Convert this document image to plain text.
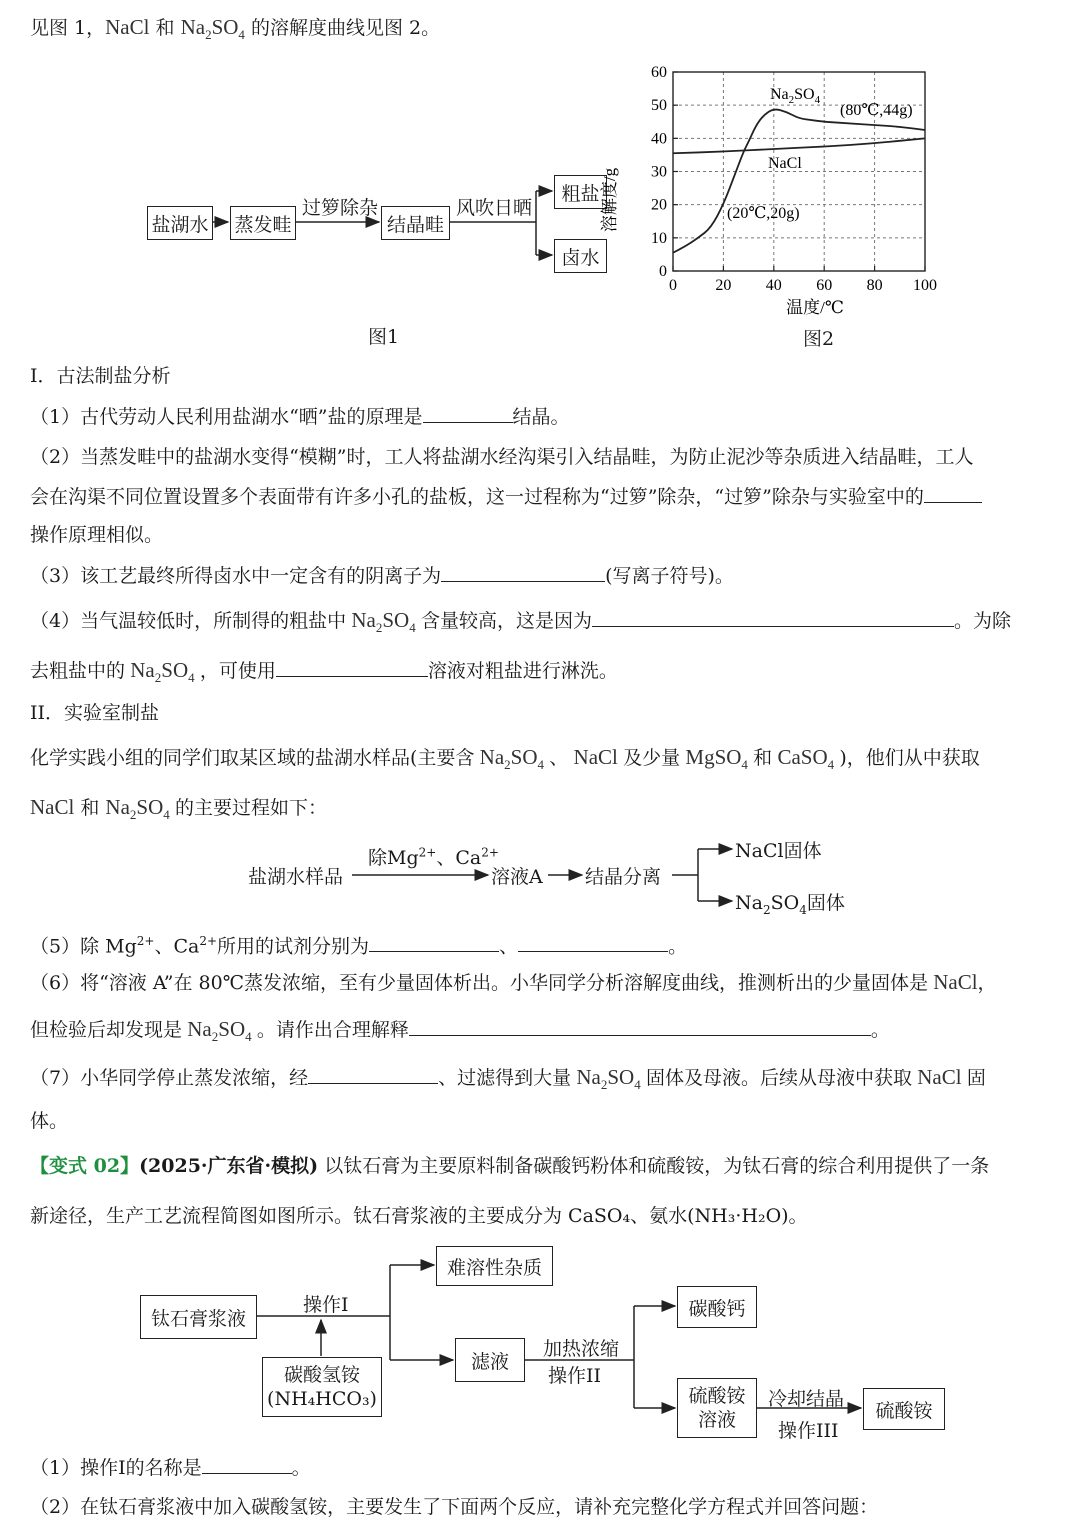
见图 1，NaCl 和 $Na_2SO_4$ 的溶解度曲线见图 2。
盐湖水 蒸发畦	结晶畦
粗盐
卤水
过箩除杂	风吹日晒
图1
0
10
20
30
40
50
60
0 20 40 60 80 100
溶解度/g
温度/℃
$Na_2SO_4$
(80℃,44g)
NaCl
(20℃,20g)
图2
I．古法制盐分析
（1）古代劳动人民利用盐湖水“晒”盐的原理是	结晶。
（2）当蒸发畦中的盐湖水变得“模糊”时，工人将盐湖水经沟渠引入结晶畦，为防止泥沙等杂质进入结晶畦，工人
会在沟渠不同位置设置多个表面带有许多小孔的盐板，这一过程称为“过箩”除杂，“过箩”除杂与实验室中的
操作原理相似。
（3）该工艺最终所得卤水中一定含有的阴离子为	(写离子符号)。
（4）当气温较低时，所制得的粗盐中 $Na_2SO_4$ 含量较高，这是因为	。为除
去粗盐中的 $Na_2SO_4$ ，可使用	溶液对粗盐进行淋洗。
II．实验室制盐
化学实践小组的同学们取某区域的盐湖水样品(主要含 $Na_2SO_4$ 、 NaCl 及少量 MgSO$_4$ 和 CaSO$_4$ )，他们从中获取
NaCl 和 $Na_2SO_4$ 的主要过程如下：
盐湖水样品
除$Mg^{2+}$、$Ca^{2+}$
溶液A 结晶分离
NaCl固体
$Na_2SO_4$固体
（5）除 $Mg^{2+}$、$Ca^{2+}$所用的试剂分别为	、	。
（6）将“溶液 A”在 80℃蒸发浓缩，至有少量固体析出。小华同学分析溶解度曲线，推测析出的少量固体是 NaCl，
但检验后却发现是 $Na_2SO_4$ 。请作出合理解释	。
（7）小华同学停止蒸发浓缩，经	、过滤得到大量 $Na_2SO_4$ 固体及母液。后续从母液中获取 NaCl 固
体。
【变式 02】(2025·广东省·模拟) 以钛石膏为主要原料制备碳酸钙粉体和硫酸铵，为钛石膏的综合利用提供了一条
新途径，生产工艺流程简图如图所示。钛石膏浆液的主要成分为 CaSO₄、氨水(NH₃·H₂O)。
钛石膏浆液
难溶性杂质
滤液
碳酸钙
硫酸铵
溶液	硫酸铵
碳酸氢铵
(NH₄HCO₃)
操作I
加热浓缩
操作II
冷却结晶
操作III
（1）操作I的名称是	。
（2）在钛石膏浆液中加入碳酸氢铵，主要发生了下面两个反应，请补充完整化学方程式并回答问题：
